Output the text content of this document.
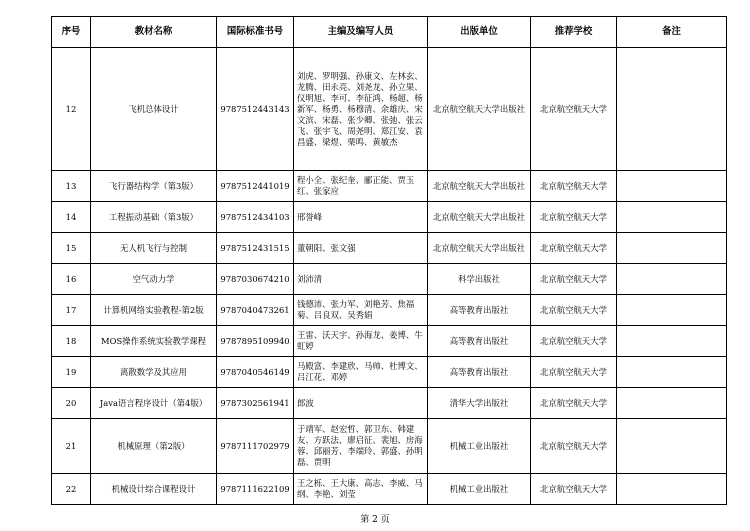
序号	教材名称	国际标准书号	主编及编写人员	出版单位	推荐学校	备注
12	飞机总体设计	9787512443143	刘虎、罗明强、孙康文、左林玄、龙腾、田永亮、刘尧龙、孙立果、仪明旭、李可、李征鸿、杨超、杨新军、杨勇、杨穆清、余雄庆、宋文滨、宋磊、张少卿、张弛、张云飞、张宇飞、周尧明、郑江安、袁昌盛、梁煜、栗鸣、黄敏杰	北京航空航天大学出版社	北京航空航天大学	
13	飞行器结构学（第3版）	9787512441019	程小全、张纪奎、郦正能、贾玉红、张家应	北京航空航天大学出版社	北京航空航天大学	
14	工程振动基础（第3版）	9787512434103	邢誉峰	北京航空航天大学出版社	北京航空航天大学	
15	无人机飞行与控制	9787512431515	董朝阳、张文强	北京航空航天大学出版社	北京航空航天大学	
16	空气动力学	9787030674210	刘沛清	科学出版社	北京航空航天大学	
17	计算机网络实验教程-第2版	9787040473261	钱德沛、张力军、刘艳芳、焦福菊、吕良双、吴秀娟	高等教育出版社	北京航空航天大学	
18	MOS操作系统实验教学课程	9787895109940	王雷、沃天宇、孙海龙、姜博、牛虹婷	高等教育出版社	北京航空航天大学	
19	离散数学及其应用	9787040546149	马殿富、李建欣、马帅、杜博文、吕江花、邓婷	高等教育出版社	北京航空航天大学	
20	Java语言程序设计（第4版）	9787302561941	郎波	清华大学出版社	北京航空航天大学	
21	机械原理（第2版）	9787111702979	于靖军、赵宏哲、郭卫东、韩建友、方跃法、廖启征、裴旭、房海蓉、邱丽芳、李端玲、郭盛、孙明磊、贾明	机械工业出版社	北京航空航天大学	
22	机械设计综合课程设计	9787111622109	王之栎、王大康、高志、李威、马纲、李艳、刘莹	机械工业出版社	北京航空航天大学	
第 2 页
